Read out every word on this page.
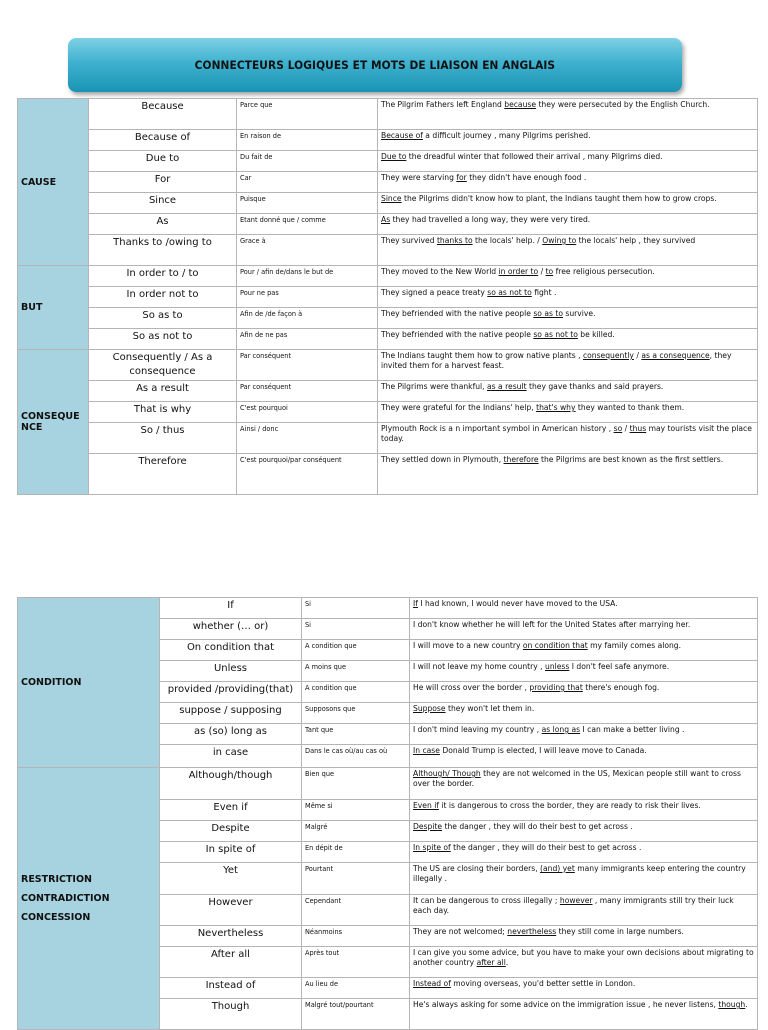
CONNECTEURS LOGIQUES ET MOTS DE LIAISON EN ANGLAIS
CAUSE	Because	Parce que	The Pilgrim Fathers left England because they were persecuted by the English Church.
	Because of	En raison de	Because of a difficult journey , many Pilgrims perished.
	Due to	Du fait de	Due to the dreadful winter that followed their arrival , many Pilgrims died.
	For	Car	They were starving for they didn't have enough food .
	Since	Puisque	Since the Pilgrims didn't know how to plant, the Indians taught them how to grow crops.
	As	Etant donné que / comme	As they had travelled a long way, they were very tired.
	Thanks to /owing to	Grace à	They survived thanks to the locals' help. / Owing to the locals' help , they survived
BUT	In order to / to	Pour / afin de/dans le but de	They moved to the New World in order to / to free religious persecution.
	In order not to	Pour ne pas	They signed a peace treaty so as not to fight .
	So as to	Afin de /de façon à	They befriended with the native people so as to survive.
	So as not to	Afin de ne pas	They befriended with the native people so as not to be killed.
CONSEQUE NCE	Consequently / As a consequence	Par conséquent	The Indians taught them how to grow native plants , consequently / as a consequence, they invited them for a harvest feast.
	As a result	Par conséquent	The Pilgrims were thankful, as a result they gave thanks and said prayers.
	That is why	C'est pourquoi	They were grateful for the Indians' help, that's why they wanted to thank them.
	So / thus	Ainsi / donc	Plymouth Rock is a n important symbol in American history , so / thus may tourists visit the place today.
	Therefore	C'est pourquoi/par conséquent	They settled down in Plymouth, therefore the Pilgrims are best known as the first settlers.
CONDITION	If	Si	If I had known, I would never have moved to the USA.
	whether (… or)	Si	I don't know whether he will left for the United States after marrying her.
	On condition that	A condition que	I will move to a new country on condition that my family comes along.
	Unless	A moins que	I will not leave my home country , unless I don't feel safe anymore.
	provided /providing(that)	A condition que	He will cross over the border , providing that there's enough fog.
	suppose / supposing	Supposons que	Suppose they won't let them in.
	as (so) long as	Tant que	I don't mind leaving my country , as long as I can make a better living .
	in case	Dans le cas où/au cas où	In case Donald Trump is elected, I will leave move to Canada.

RESTRICTION
CONTRADICTION
CONCESSION	Although/though	Bien que	Although/ Though they are not welcomed in the US, Mexican people still want to cross over the border.
	Even if	Même si	Even if it is dangerous to cross the border, they are ready to risk their lives.
	Despite	Malgré	Despite the danger , they will do their best to get across .
	In spite of	En dépit de	In spite of the danger , they will do their best to get across .
	Yet	Pourtant	The US are closing their borders, (and) yet many immigrants keep entering the country illegally .
	However	Cependant	It can be dangerous to cross illegally ; however , many immigrants still try their luck each day.
	Nevertheless	Néanmoins	They are not welcomed; nevertheless they still come in large numbers.
	After all	Après tout	I can give you some advice, but you have to make your own decisions about migrating to another country after all.
	Instead of	Au lieu de	Instead of moving overseas, you'd better settle in London.
	Though	Malgré tout/pourtant	He's always asking for some advice on the immigration issue , he never listens, though.
